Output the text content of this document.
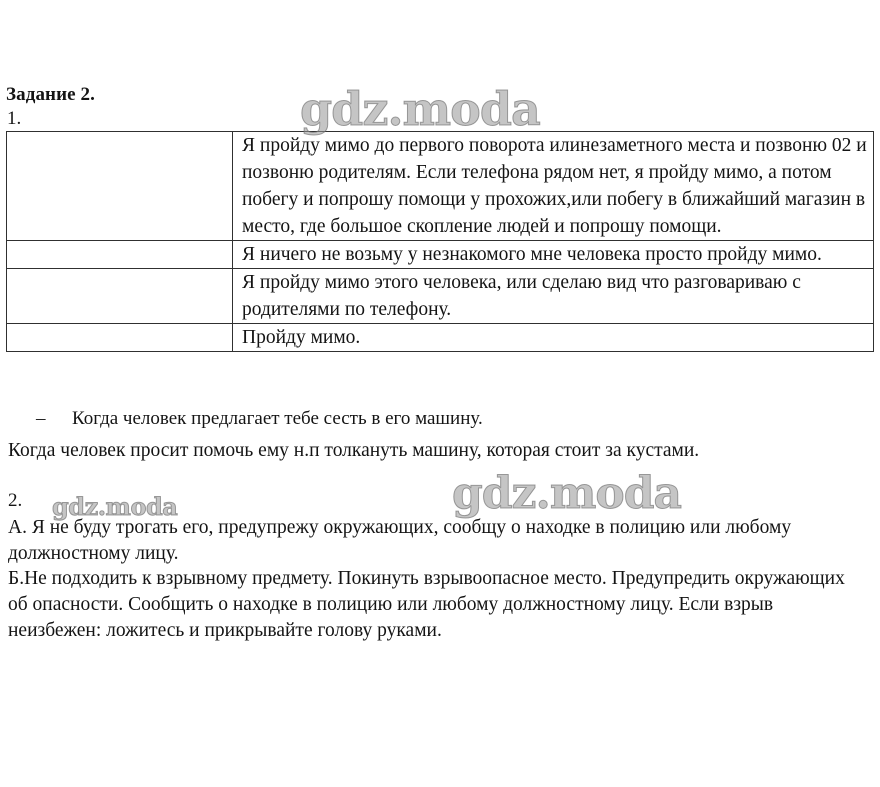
Задание 2.
1.
	Я пройду мимо до первого поворота илинезаметного места и позвоню 02 и позвоню родителям. Если телефона рядом нет, я пройду мимо, а потом побегу и попрошу помощи у прохожих,или побегу в ближайший магазин в место, где большое скопление людей и попрошу помощи.
	Я ничего не возьму у незнакомого мне человека просто пройду мимо.
	Я пройду мимо этого человека, или сделаю вид что разговариваю с родителями по телефону.
	Пройду мимо.
– Когда человек предлагает тебе сесть в его машину.
Когда человек просит помочь ему н.п толкануть машину, которая стоит за кустами.
2.
А. Я не буду трогать его, предупрежу окружающих, сообщу о находке в полицию или любому должностному лицу.
Б.Не подходить к взрывному предмету. Покинуть взрывоопасное место. Предупредить окружающих об опасности. Сообщить о находке в полицию или любому должностному лицу. Если взрыв неизбежен: ложитесь и прикрывайте голову руками.
gdz.moda
gdz.moda	gdz.moda
